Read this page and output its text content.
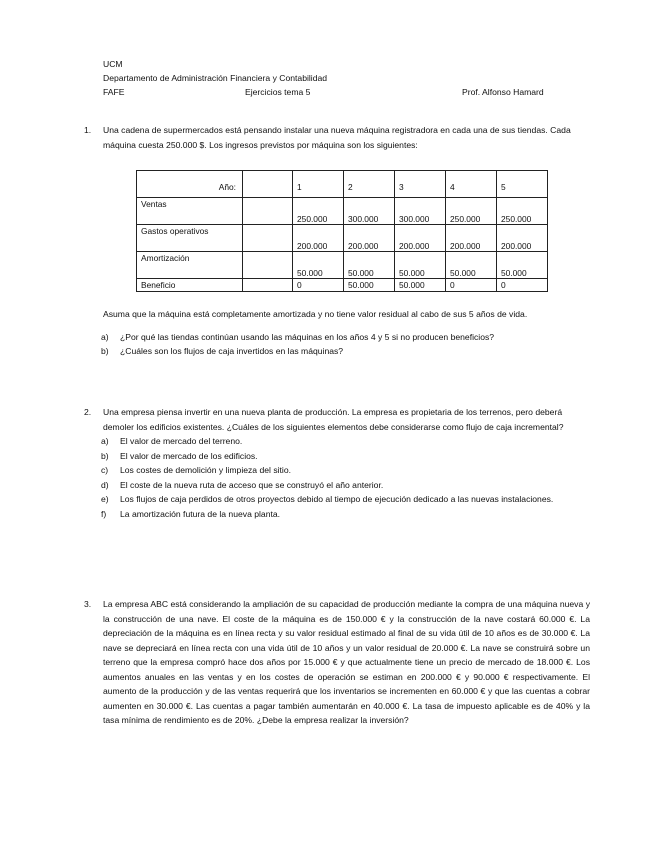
UCM
Departamento de Administración Financiera y Contabilidad
FAFE	Ejercicios tema 5	Prof. Alfonso Hamard
1. Una cadena de supermercados está pensando instalar una nueva máquina registradora en cada una de sus tiendas. Cada máquina cuesta 250.000 $. Los ingresos previstos por máquina son los siguientes:
Año:		1	2	3	4	5
Ventas		250.000	300.000	300.000	250.000	250.000
Gastos operativos		200.000	200.000	200.000	200.000	200.000
Amortización		50.000	50.000	50.000	50.000	50.000
Beneficio		0	50.000	50.000	0	0
Asuma que la máquina está completamente amortizada y no tiene valor residual al cabo de sus 5 años de vida.
a) ¿Por qué las tiendas continúan usando las máquinas en los años 4 y 5 si no producen beneficios?
b) ¿Cuáles son los flujos de caja invertidos en las máquinas?
2. Una empresa piensa invertir en una nueva planta de producción. La empresa es propietaria de los terrenos, pero deberá demoler los edificios existentes. ¿Cuáles de los siguientes elementos debe considerarse como flujo de caja incremental?
a) El valor de mercado del terreno.
b) El valor de mercado de los edificios.
c) Los costes de demolición y limpieza del sitio.
d) El coste de la nueva ruta de acceso que se construyó el año anterior.
e) Los flujos de caja perdidos de otros proyectos debido al tiempo de ejecución dedicado a las nuevas instalaciones.
f) La amortización futura de la nueva planta.
3. La empresa ABC está considerando la ampliación de su capacidad de producción mediante la compra de una máquina nueva y la construcción de una nave. El coste de la máquina es de 150.000 € y la construcción de la nave costará 60.000 €. La depreciación de la máquina es en línea recta y su valor residual estimado al final de su vida útil de 10 años es de 30.000 €. La nave se depreciará en línea recta con una vida útil de 10 años y un valor residual de 20.000 €. La nave se construirá sobre un terreno que la empresa compró hace dos años por 15.000 € y que actualmente tiene un precio de mercado de 18.000 €. Los aumentos anuales en las ventas y en los costes de operación se estiman en 200.000 € y 90.000 € respectivamente. El aumento de la producción y de las ventas requerirá que los inventarios se incrementen en 60.000 € y que las cuentas a cobrar aumenten en 30.000 €. Las cuentas a pagar también aumentarán en 40.000 €. La tasa de impuesto aplicable es de 40% y la tasa mínima de rendimiento es de 20%. ¿Debe la empresa realizar la inversión?
